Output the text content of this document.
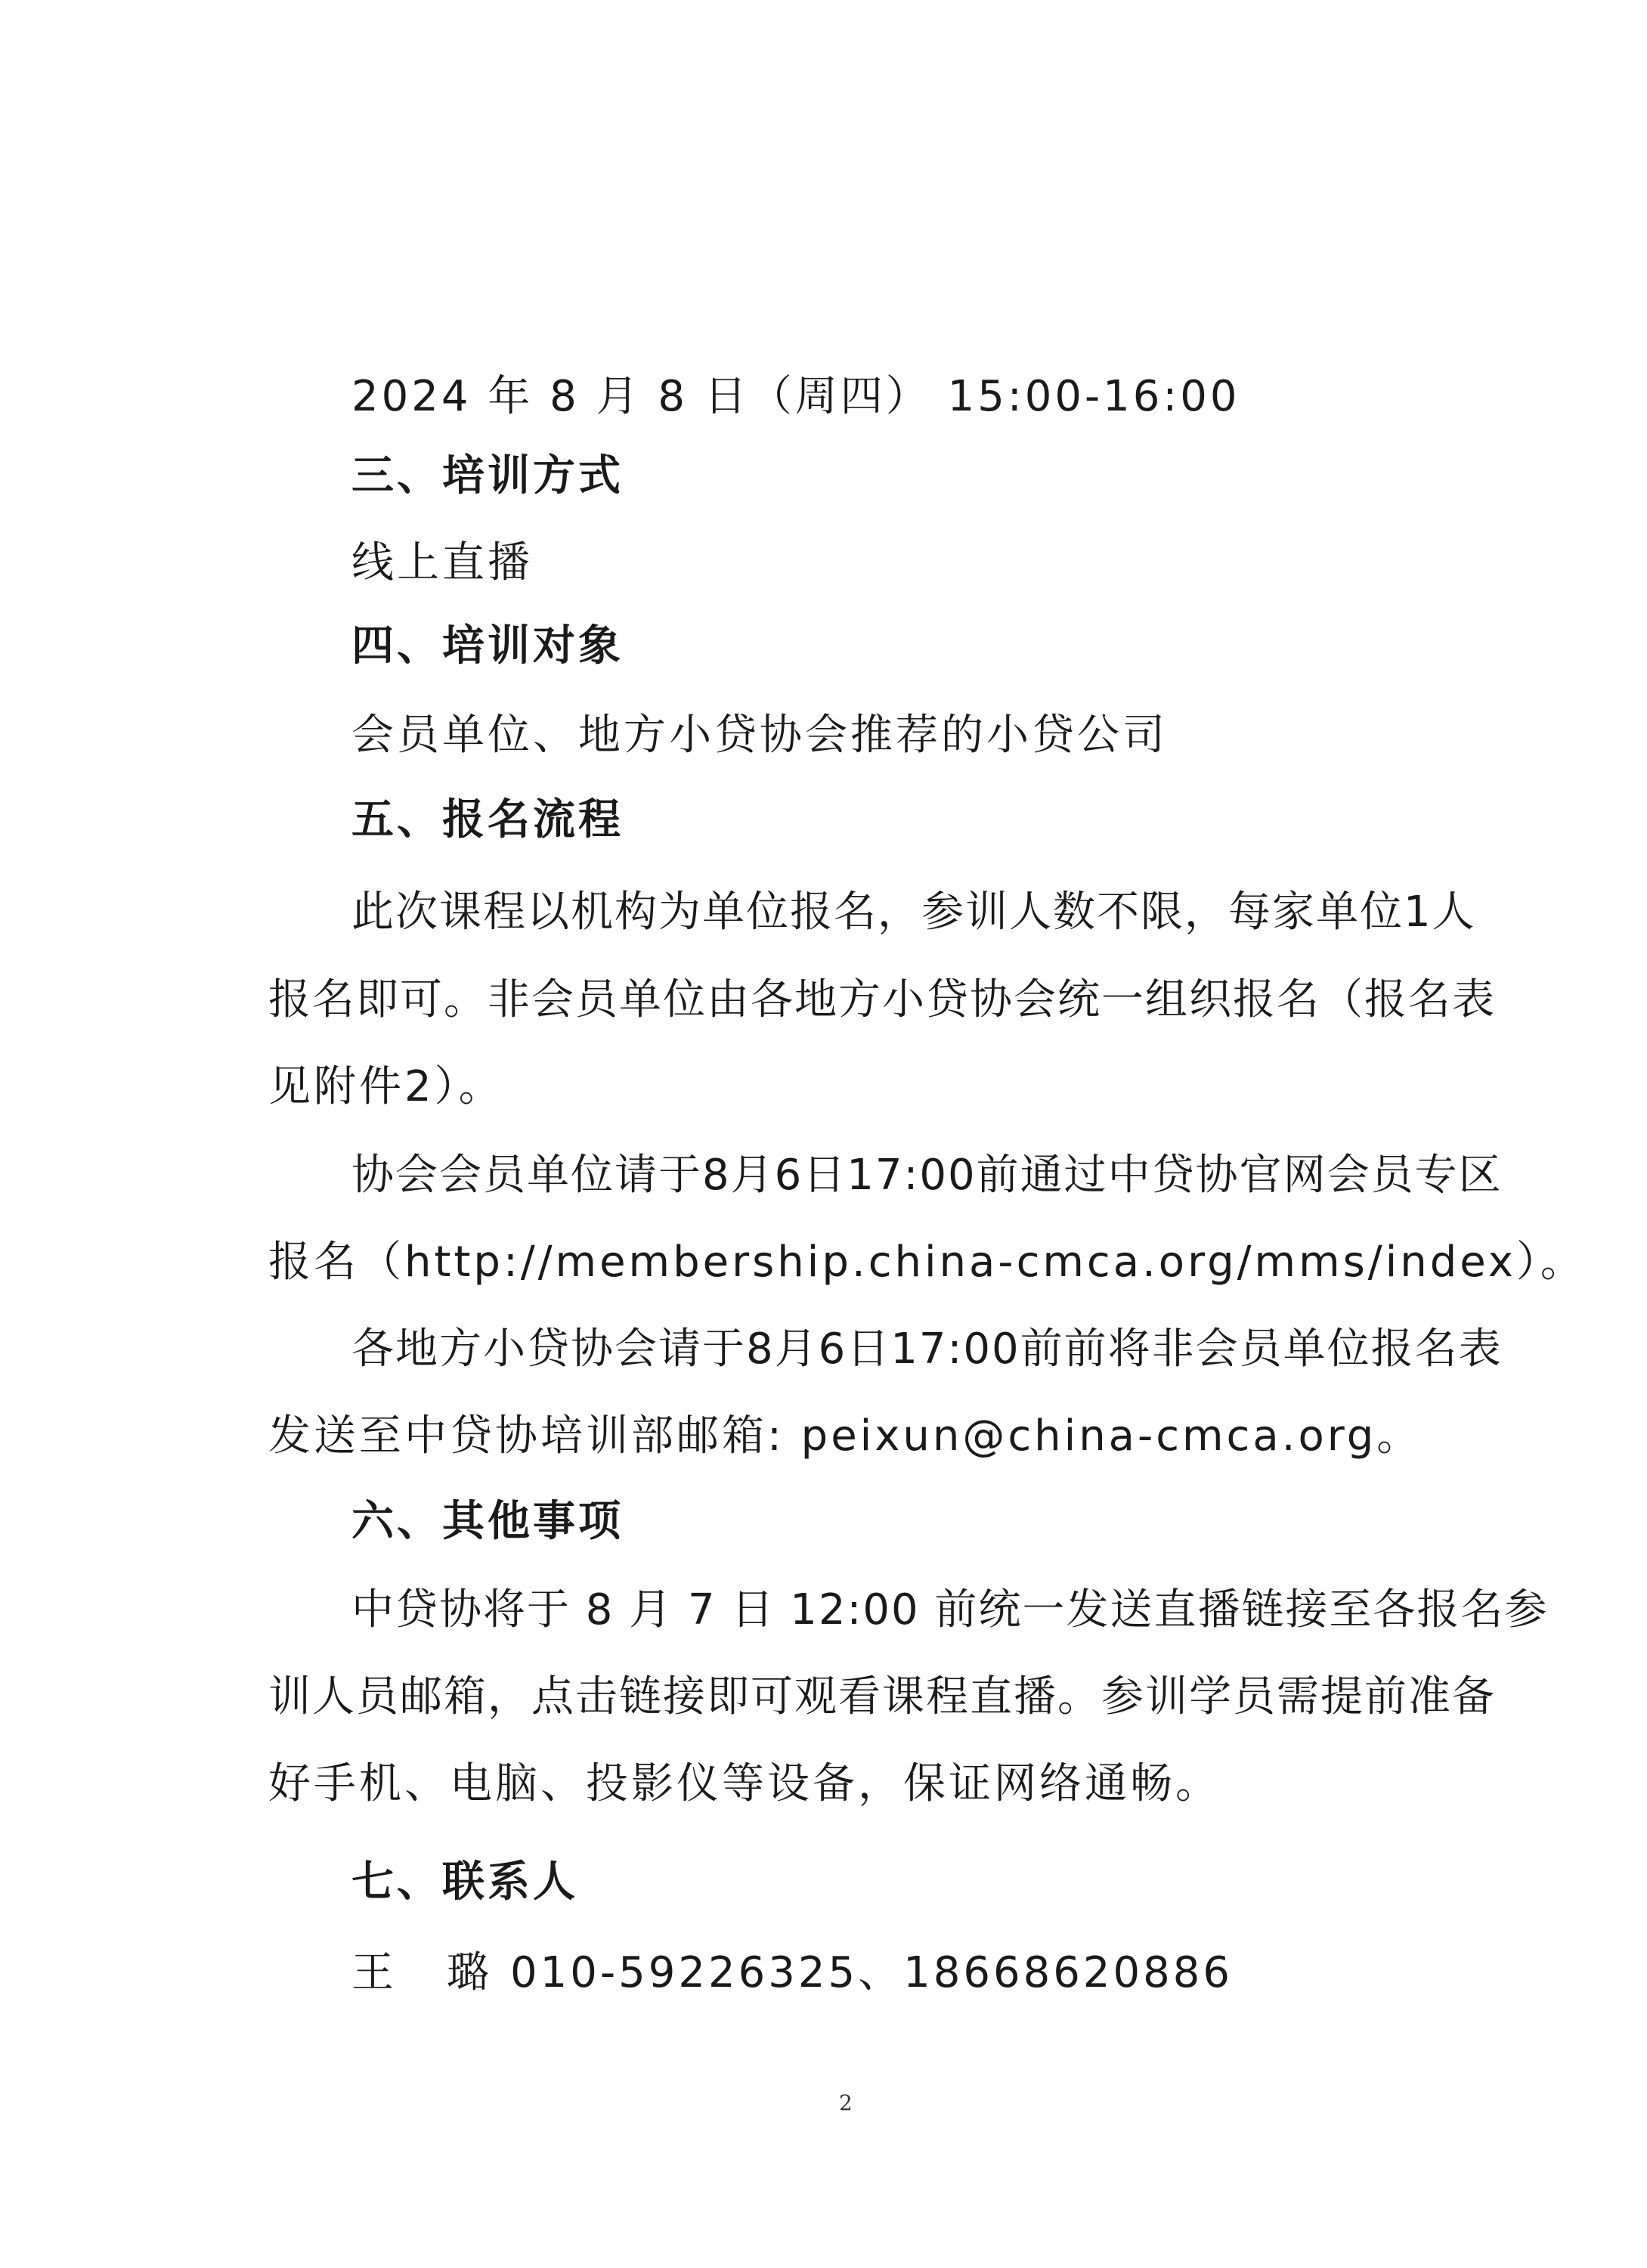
2024 年 8 月 8 日（周四） 15:00-16:00
三、培训方式
线上直播
四、培训对象
会员单位、地方小贷协会推荐的小贷公司
五、报名流程
此次课程以机构为单位报名，参训人数不限，每家单位1人
报名即可。非会员单位由各地方小贷协会统一组织报名（报名表
见附件2）。
协会会员单位请于8月6日17:00前通过中贷协官网会员专区
报名（http://membership.china-cmca.org/mms/index）。
各地方小贷协会请于8月6日17:00前前将非会员单位报名表
发送至中贷协培训部邮箱: peixun@china-cmca.org。
六、其他事项
中贷协将于 8 月 7 日 12:00 前统一发送直播链接至各报名参
训人员邮箱，点击链接即可观看课程直播。参训学员需提前准备
好手机、电脑、投影仪等设备，保证网络通畅。
七、联系人
王 璐 010-59226325、18668620886
2
